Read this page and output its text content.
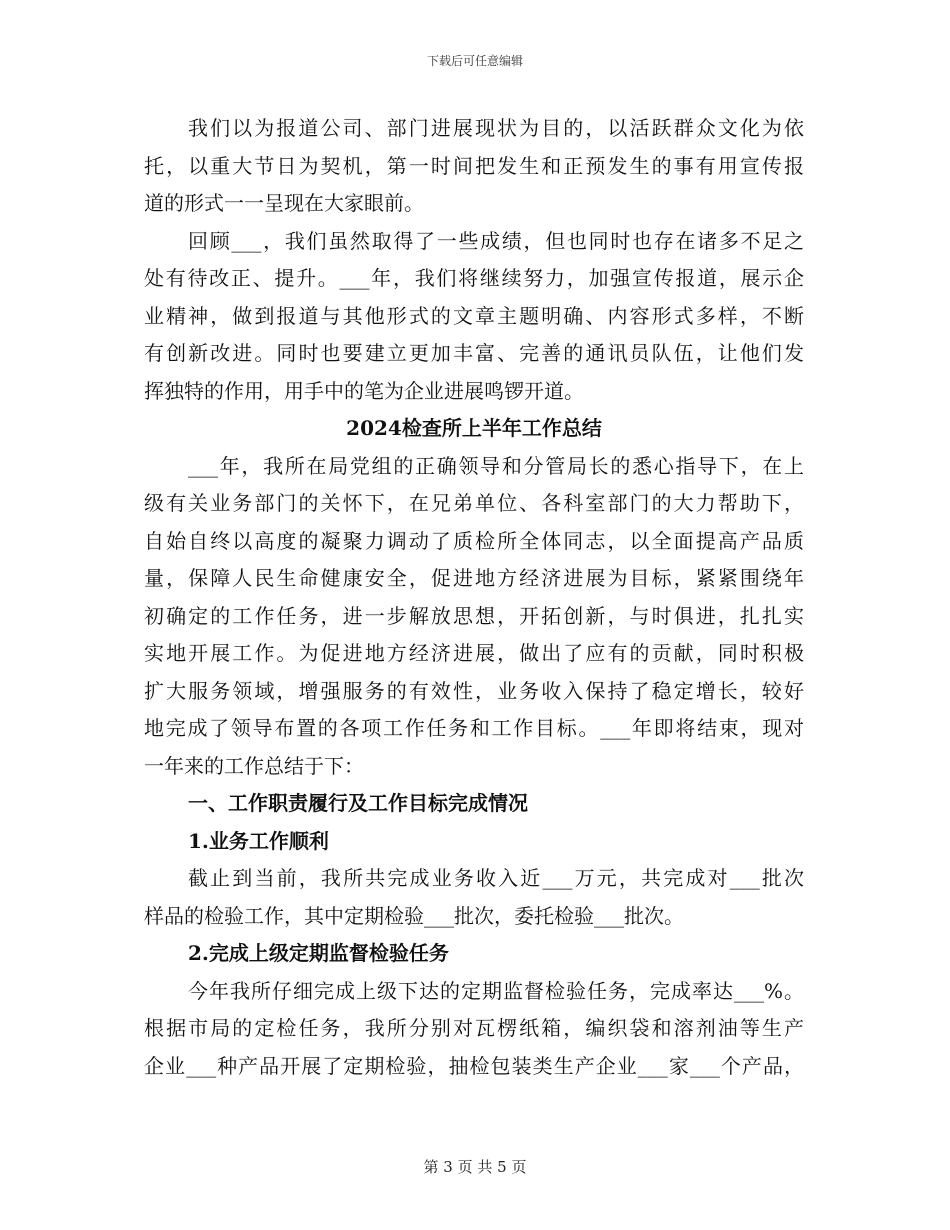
下载后可任意编辑
我们以为报道公司、部门进展现状为目的，以活跃群众文化为依
托，以重大节日为契机，第一时间把发生和正预发生的事有用宣传报
道的形式一一呈现在大家眼前。
回顾___，我们虽然取得了一些成绩，但也同时也存在诸多不足之
处有待改正、提升。___年，我们将继续努力，加强宣传报道，展示企
业精神，做到报道与其他形式的文章主题明确、内容形式多样，不断
有创新改进。同时也要建立更加丰富、完善的通讯员队伍，让他们发
挥独特的作用，用手中的笔为企业进展鸣锣开道。
2024检查所上半年工作总结
___年，我所在局党组的正确领导和分管局长的悉心指导下，在上
级有关业务部门的关怀下，在兄弟单位、各科室部门的大力帮助下，
自始自终以高度的凝聚力调动了质检所全体同志，以全面提高产品质
量，保障人民生命健康安全，促进地方经济进展为目标，紧紧围绕年
初确定的工作任务，进一步解放思想，开拓创新，与时俱进，扎扎实
实地开展工作。为促进地方经济进展，做出了应有的贡献，同时积极
扩大服务领域，增强服务的有效性，业务收入保持了稳定增长，较好
地完成了领导布置的各项工作任务和工作目标。___年即将结束，现对
一年来的工作总结于下：
一、工作职责履行及工作目标完成情况
1.业务工作顺利
截止到当前，我所共完成业务收入近___万元，共完成对___批次
样品的检验工作，其中定期检验___批次，委托检验___批次。
2.完成上级定期监督检验任务
今年我所仔细完成上级下达的定期监督检验任务，完成率达___%。
根据市局的定检任务，我所分别对瓦楞纸箱，编织袋和溶剂油等生产
企业___种产品开展了定期检验，抽检包装类生产企业___家___个产品，
第 3 页 共 5 页
